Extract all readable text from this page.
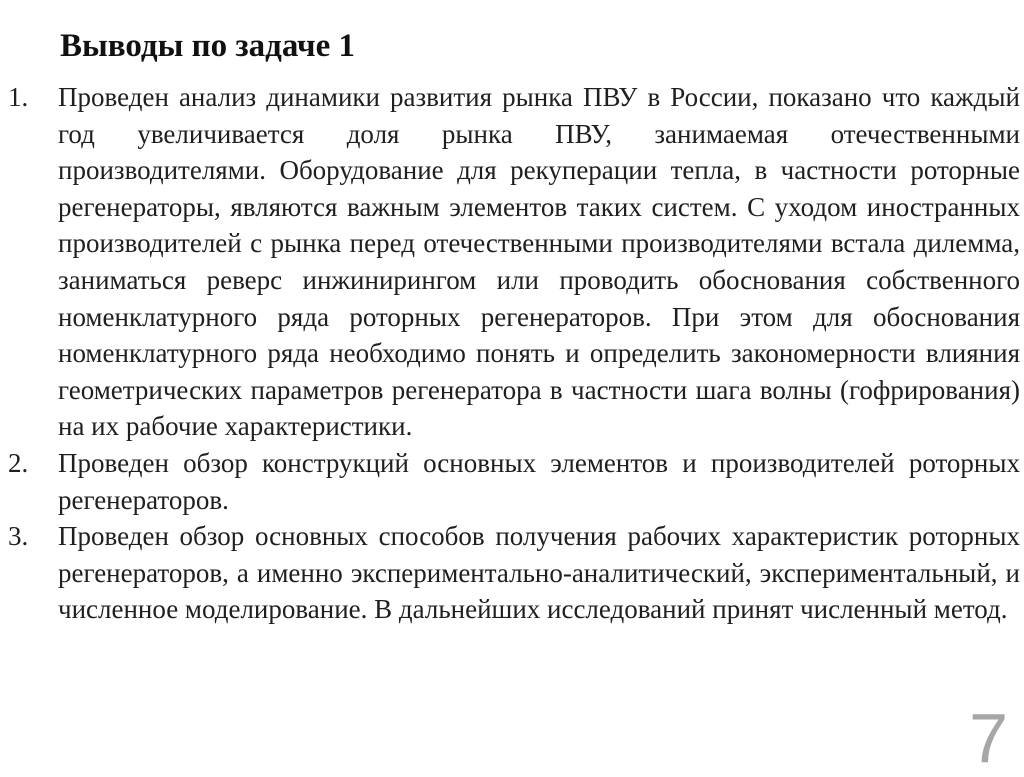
Выводы по задаче 1
1. Проведен анализ динамики развития рынка ПВУ в России, показано что каждый год увеличивается доля рынка ПВУ, занимаемая отечественными производителями. Оборудование для рекуперации тепла, в частности роторные регенераторы, являются важным элементов таких систем. С уходом иностранных производителей с рынка перед отечественными производителями встала дилемма, заниматься реверс инжинирингом или проводить обоснования собственного номенклатурного ряда роторных регенераторов. При этом для обоснования номенклатурного ряда необходимо понять и определить закономерности влияния геометрических параметров регенератора в частности шага волны (гофрирования) на их рабочие характеристики.
2. Проведен обзор конструкций основных элементов и производителей роторных регенераторов.
3. Проведен обзор основных способов получения рабочих характеристик роторных регенераторов, а именно экспериментально-аналитический, экспериментальный, и численное моделирование. В дальнейших исследований принят численный метод.
7
